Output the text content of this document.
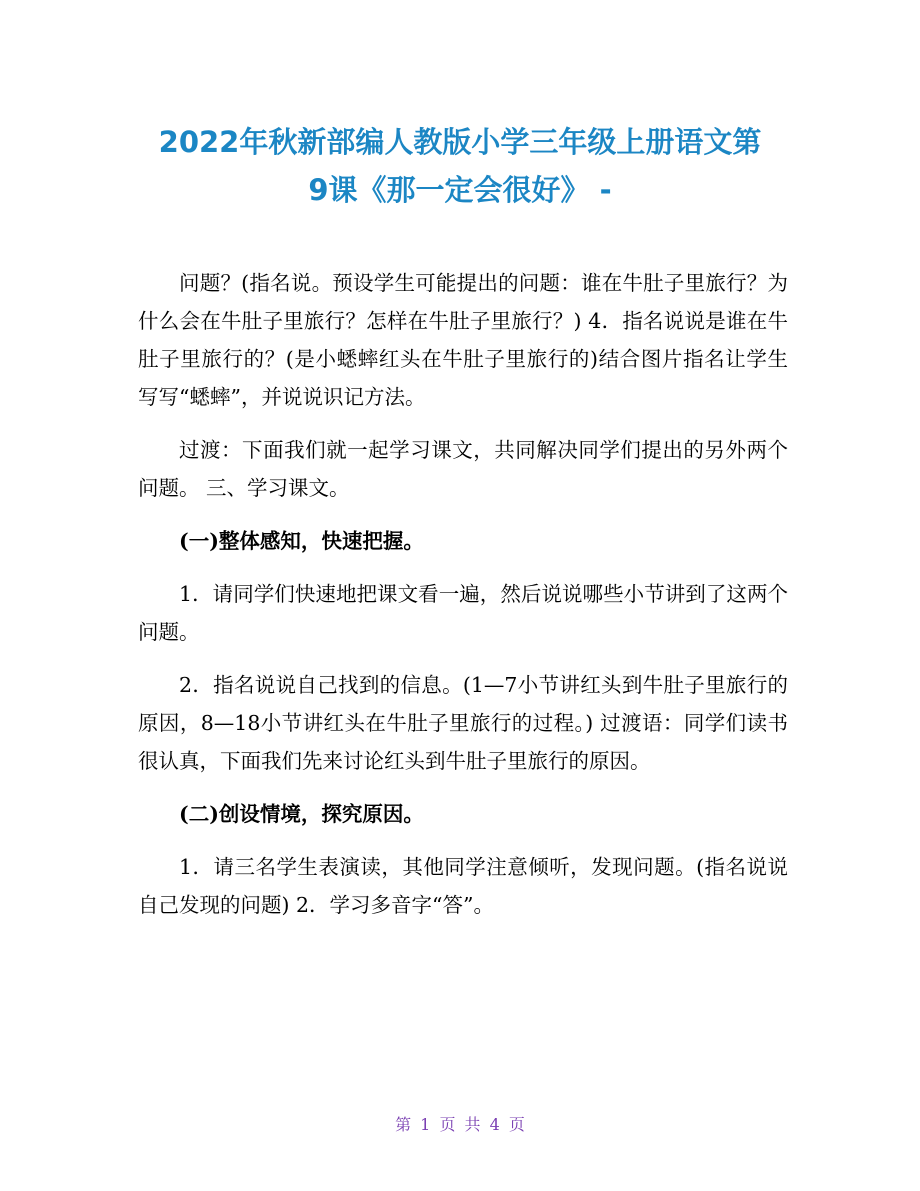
2022年秋新部编人教版小学三年级上册语文第
9课《那一定会很好》 -

问题？(指名说。预设学生可能提出的问题：谁在牛肚子里旅行？为什么会在牛肚子里旅行？怎样在牛肚子里旅行？) 4．指名说说是谁在牛肚子里旅行的？(是小蟋蟀红头在牛肚子里旅行的)结合图片指名让学生写写“蟋蟀”，并说说识记方法。

过渡：下面我们就一起学习课文，共同解决同学们提出的另外两个问题。 三、学习课文。

(一)整体感知，快速把握。

1．请同学们快速地把课文看一遍，然后说说哪些小节讲到了这两个问题。

2．指名说说自己找到的信息。(1—7小节讲红头到牛肚子里旅行的原因，8—18小节讲红头在牛肚子里旅行的过程。) 过渡语：同学们读书很认真，下面我们先来讨论红头到牛肚子里旅行的原因。

(二)创设情境，探究原因。

1．请三名学生表演读，其他同学注意倾听，发现问题。(指名说说自己发现的问题) 2．学习多音字“答”。

第 1 页 共 4 页
